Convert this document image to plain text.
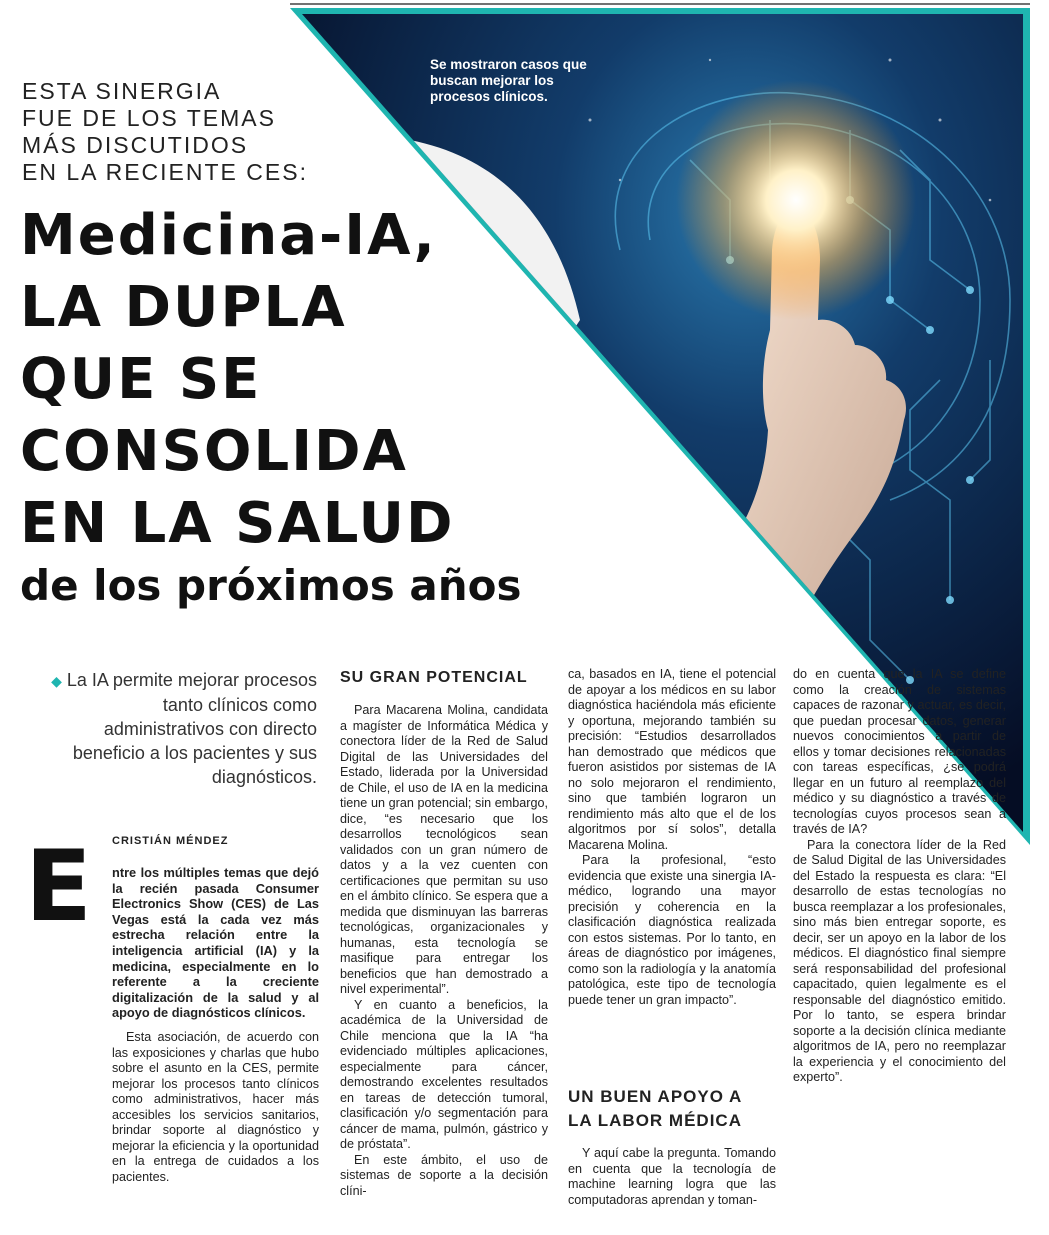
Se mostraron casos que buscan mejorar los procesos clínicos.
ESTA SINERGIA
FUE DE LOS TEMAS
MÁS DISCUTIDOS
EN LA RECIENTE CES:
Medicina-IA,
LA DUPLA
QUE SE
CONSOLIDA
EN LA SALUD
de los próximos años
◆ La IA permite mejorar procesos tanto clínicos como administrativos con directo beneficio a los pacientes y sus diagnósticos.
CRISTIÁN MÉNDEZ
E ntre los múltiples temas que dejó la recién pasada Consumer Electronics Show (CES) de Las Vegas está la cada vez más estrecha relación entre la inteligencia artificial (IA) y la medicina, especialmente en lo referente a la creciente digitalización de la salud y al apoyo de diagnósticos clínicos.

Esta asociación, de acuerdo con las exposiciones y charlas que hubo sobre el asunto en la CES, permite mejorar los procesos tanto clínicos como administrativos, hacer más accesibles los servicios sanitarios, brindar soporte al diagnóstico y mejorar la eficiencia y la oportunidad en la entrega de cuidados a los pacientes.

SU GRAN POTENCIAL

Para Macarena Molina, candidata a magíster de Informática Médica y conectora líder de la Red de Salud Digital de las Universidades del Estado, liderada por la Universidad de Chile, el uso de IA en la medicina tiene un gran potencial; sin embargo, dice, “es necesario que los desarrollos tecnológicos sean validados con un gran número de datos y a la vez cuenten con certificaciones que permitan su uso en el ámbito clínico. Se espera que a medida que disminuyan las barreras tecnológicas, organizacionales y humanas, esta tecnología se masifique para entregar los beneficios que han demostrado a nivel experimental”.

Y en cuanto a beneficios, la académica de la Universidad de Chile menciona que la IA “ha evidenciado múltiples aplicaciones, especialmente para cáncer, demostrando excelentes resultados en tareas de detección tumoral, clasificación y/o segmentación para cáncer de mama, pulmón, gástrico y de próstata”.

En este ámbito, el uso de sistemas de soporte a la decisión clíni-

ca, basados en IA, tiene el potencial de apoyar a los médicos en su labor diagnóstica haciéndola más eficiente y oportuna, mejorando también su precisión: “Estudios desarrollados han demostrado que médicos que fueron asistidos por sistemas de IA no solo mejoraron el rendimiento, sino que también lograron un rendimiento más alto que el de los algoritmos por sí solos”, detalla Macarena Molina.

Para la profesional, “esto evidencia que existe una sinergia IA-médico, logrando una mayor precisión y coherencia en la clasificación diagnóstica realizada con estos sistemas. Por lo tanto, en áreas de diagnóstico por imágenes, como son la radiología y la anatomía patológica, este tipo de tecnología puede tener un gran impacto”.

UN BUEN APOYO A
LA LABOR MÉDICA

Y aquí cabe la pregunta. Tomando en cuenta que la tecnología de machine learning logra que las computadoras aprendan y toman-

do en cuenta que la IA se define como la creación de sistemas capaces de razonar y actuar, es decir, que puedan procesar datos, generar nuevos conocimientos a partir de ellos y tomar decisiones relacionadas con tareas específicas, ¿se podrá llegar en un futuro al reemplazo del médico y su diagnóstico a través de tecnologías cuyos procesos sean a través de IA?

Para la conectora líder de la Red de Salud Digital de las Universidades del Estado la respuesta es clara: “El desarrollo de estas tecnologías no busca reemplazar a los profesionales, sino más bien entregar soporte, es decir, ser un apoyo en la labor de los médicos. El diagnóstico final siempre será responsabilidad del profesional capacitado, quien legalmente es el responsable del diagnóstico emitido. Por lo tanto, se espera brindar soporte a la decisión clínica mediante algoritmos de IA, pero no reemplazar la experiencia y el conocimiento del experto”.
